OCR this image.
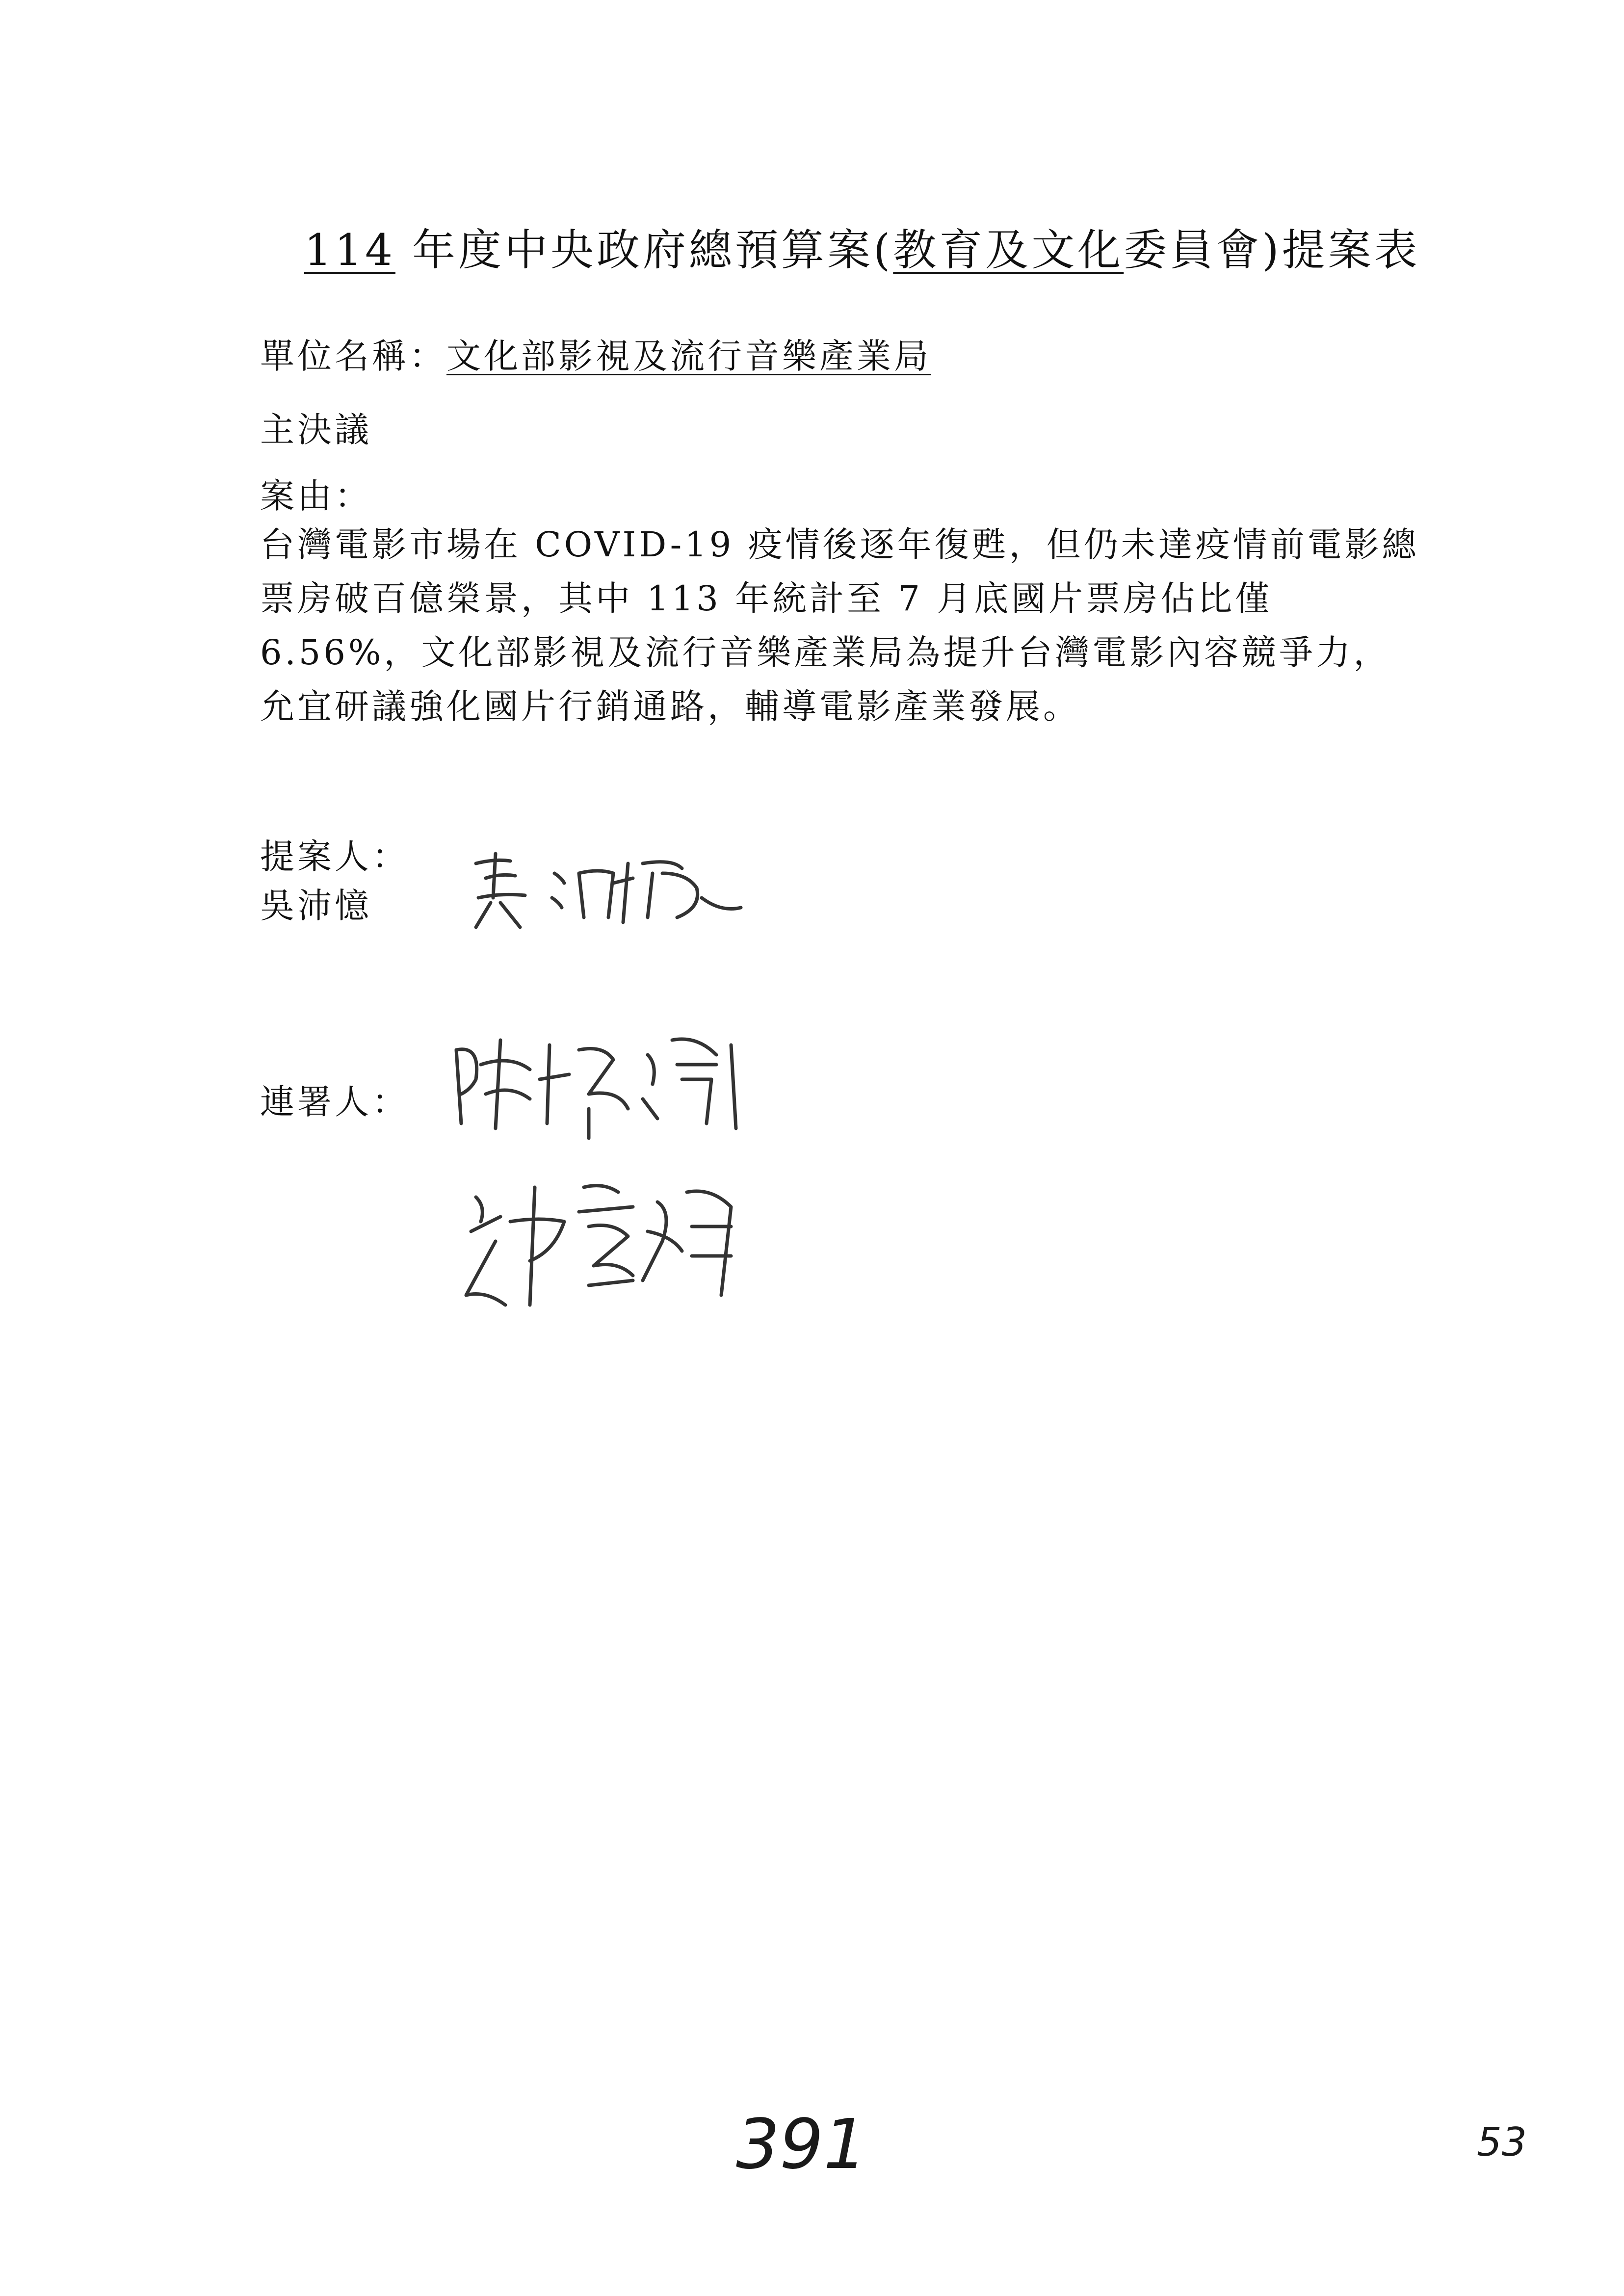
114 年度中央政府總預算案(教育及文化委員會)提案表
單位名稱：文化部影視及流行音樂產業局
主決議
案由：

台灣電影市場在 COVID-19 疫情後逐年復甦，但仍未達疫情前電影總

票房破百億榮景，其中 113 年統計至 7 月底國片票房佔比僅

6.56%，文化部影視及流行音樂產業局為提升台灣電影內容競爭力，

允宜研議強化國片行銷通路，輔導電影產業發展。

提案人：
吳沛憶
連署人：
391	53
